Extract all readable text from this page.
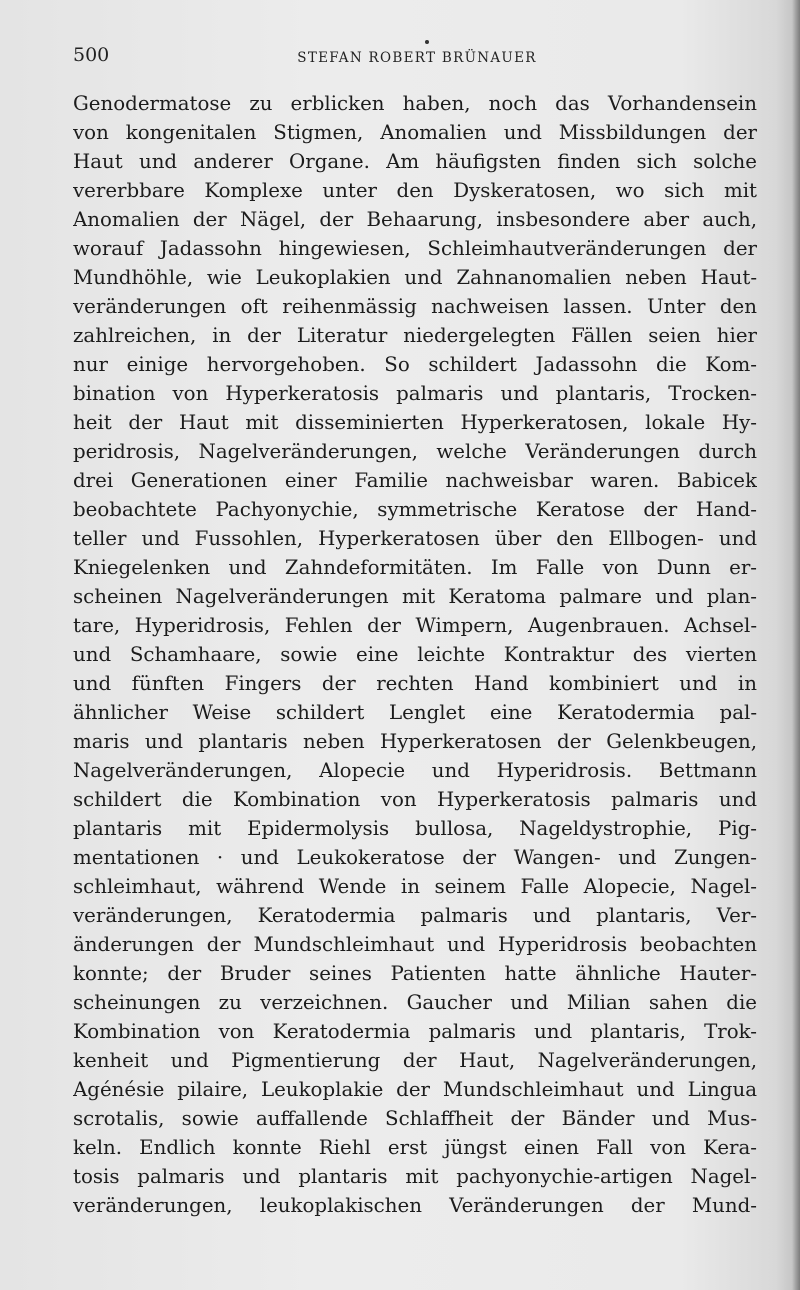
500	STEFAN ROBERT BRÜNAUER
Genodermatose zu erblicken haben, noch das Vorhandensein
von kongenitalen Stigmen, Anomalien und Missbildungen der
Haut und anderer Organe. Am häufigsten finden sich solche
vererbbare Komplexe unter den Dyskeratosen, wo sich mit
Anomalien der Nägel, der Behaarung, insbesondere aber auch,
worauf Jadassohn hingewiesen, Schleimhautveränderungen der
Mundhöhle, wie Leukoplakien und Zahnanomalien neben Haut-
veränderungen oft reihenmässig nachweisen lassen. Unter den
zahlreichen, in der Literatur niedergelegten Fällen seien hier
nur einige hervorgehoben. So schildert Jadassohn die Kom-
bination von Hyperkeratosis palmaris und plantaris, Trocken-
heit der Haut mit disseminierten Hyperkeratosen, lokale Hy-
peridrosis, Nagelveränderungen, welche Veränderungen durch
drei Generationen einer Familie nachweisbar waren. Babicek
beobachtete Pachyonychie, symmetrische Keratose der Hand-
teller und Fussohlen, Hyperkeratosen über den Ellbogen- und
Kniegelenken und Zahndeformitäten. Im Falle von Dunn er-
scheinen Nagelveränderungen mit Keratoma palmare und plan-
tare, Hyperidrosis, Fehlen der Wimpern, Augenbrauen. Achsel-
und Schamhaare, sowie eine leichte Kontraktur des vierten
und fünften Fingers der rechten Hand kombiniert und in
ähnlicher Weise schildert Lenglet eine Keratodermia pal-
maris und plantaris neben Hyperkeratosen der Gelenkbeugen,
Nagelveränderungen, Alopecie und Hyperidrosis. Bettmann
schildert die Kombination von Hyperkeratosis palmaris und
plantaris mit Epidermolysis bullosa, Nageldystrophie, Pig-
mentationen · und Leukokeratose der Wangen- und Zungen-
schleimhaut, während Wende in seinem Falle Alopecie, Nagel-
veränderungen, Keratodermia palmaris und plantaris, Ver-
änderungen der Mundschleimhaut und Hyperidrosis beobachten
konnte; der Bruder seines Patienten hatte ähnliche Hauter-
scheinungen zu verzeichnen. Gaucher und Milian sahen die
Kombination von Keratodermia palmaris und plantaris, Trok-
kenheit und Pigmentierung der Haut, Nagelveränderungen,
Agénésie pilaire, Leukoplakie der Mundschleimhaut und Lingua
scrotalis, sowie auffallende Schlaffheit der Bänder und Mus-
keln. Endlich konnte Riehl erst jüngst einen Fall von Kera-
tosis palmaris und plantaris mit pachyonychie-artigen Nagel-
veränderungen, leukoplakischen Veränderungen der Mund-
